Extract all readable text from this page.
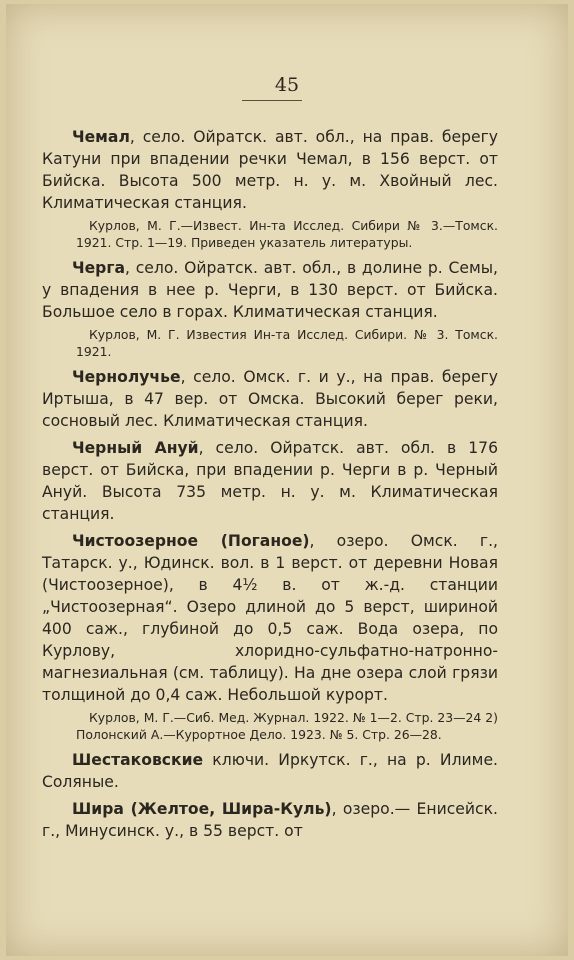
45

Чемал, село. Ойратск. авт. обл., на прав. берегу Катуни при впадении речки Чемал, в 156 верст. от Бийска. Высота 500 метр. н. у. м. Хвойный лес. Климатическая станция.

Курлов, М. Г.—Извест. Ин-та Исслед. Сибири № 3.—Томск. 1921. Стр. 1—19. Приведен указатель литературы.

Черга, село. Ойратск. авт. обл., в долине р. Семы, у впадения в нее р. Черги, в 130 верст. от Бийска. Большое село в горах. Климатическая станция.

Курлов, М. Г. Известия Ин-та Исслед. Сибири. № 3. Томск. 1921.

Чернолучье, село. Омск. г. и у., на прав. берегу Иртыша, в 47 вер. от Омска. Высокий берег реки, сосновый лес. Климатическая станция.

Черный Ануй, село. Ойратск. авт. обл. в 176 верст. от Бийска, при впадении р. Черги в р. Черный Ануй. Высота 735 метр. н. у. м. Климатическая станция.

Чистоозерное (Поганое), озеро. Омск. г., Татарск. у., Юдинск. вол. в 1 верст. от деревни Новая (Чистоозерное), в 4½ в. от ж.-д. станции „Чистоозерная“. Озеро длиной до 5 верст, шириной 400 саж., глубиной до 0,5 саж. Вода озера, по Курлову, хлоридно-сульфатно-натронно-магнезиальная (см. таблицу). На дне озера слой грязи толщиной до 0,4 саж. Небольшой курорт.

Курлов, М. Г.—Сиб. Мед. Журнал. 1922. № 1—2. Стр. 23—24 2) Полонский А.—Курортное Дело. 1923. № 5. Стр. 26—28.

Шестаковские ключи. Иркутск. г., на р. Илиме. Соляные.

Шира (Желтое, Шира-Куль), озеро.— Енисейск. г., Минусинск. у., в 55 верст. от
